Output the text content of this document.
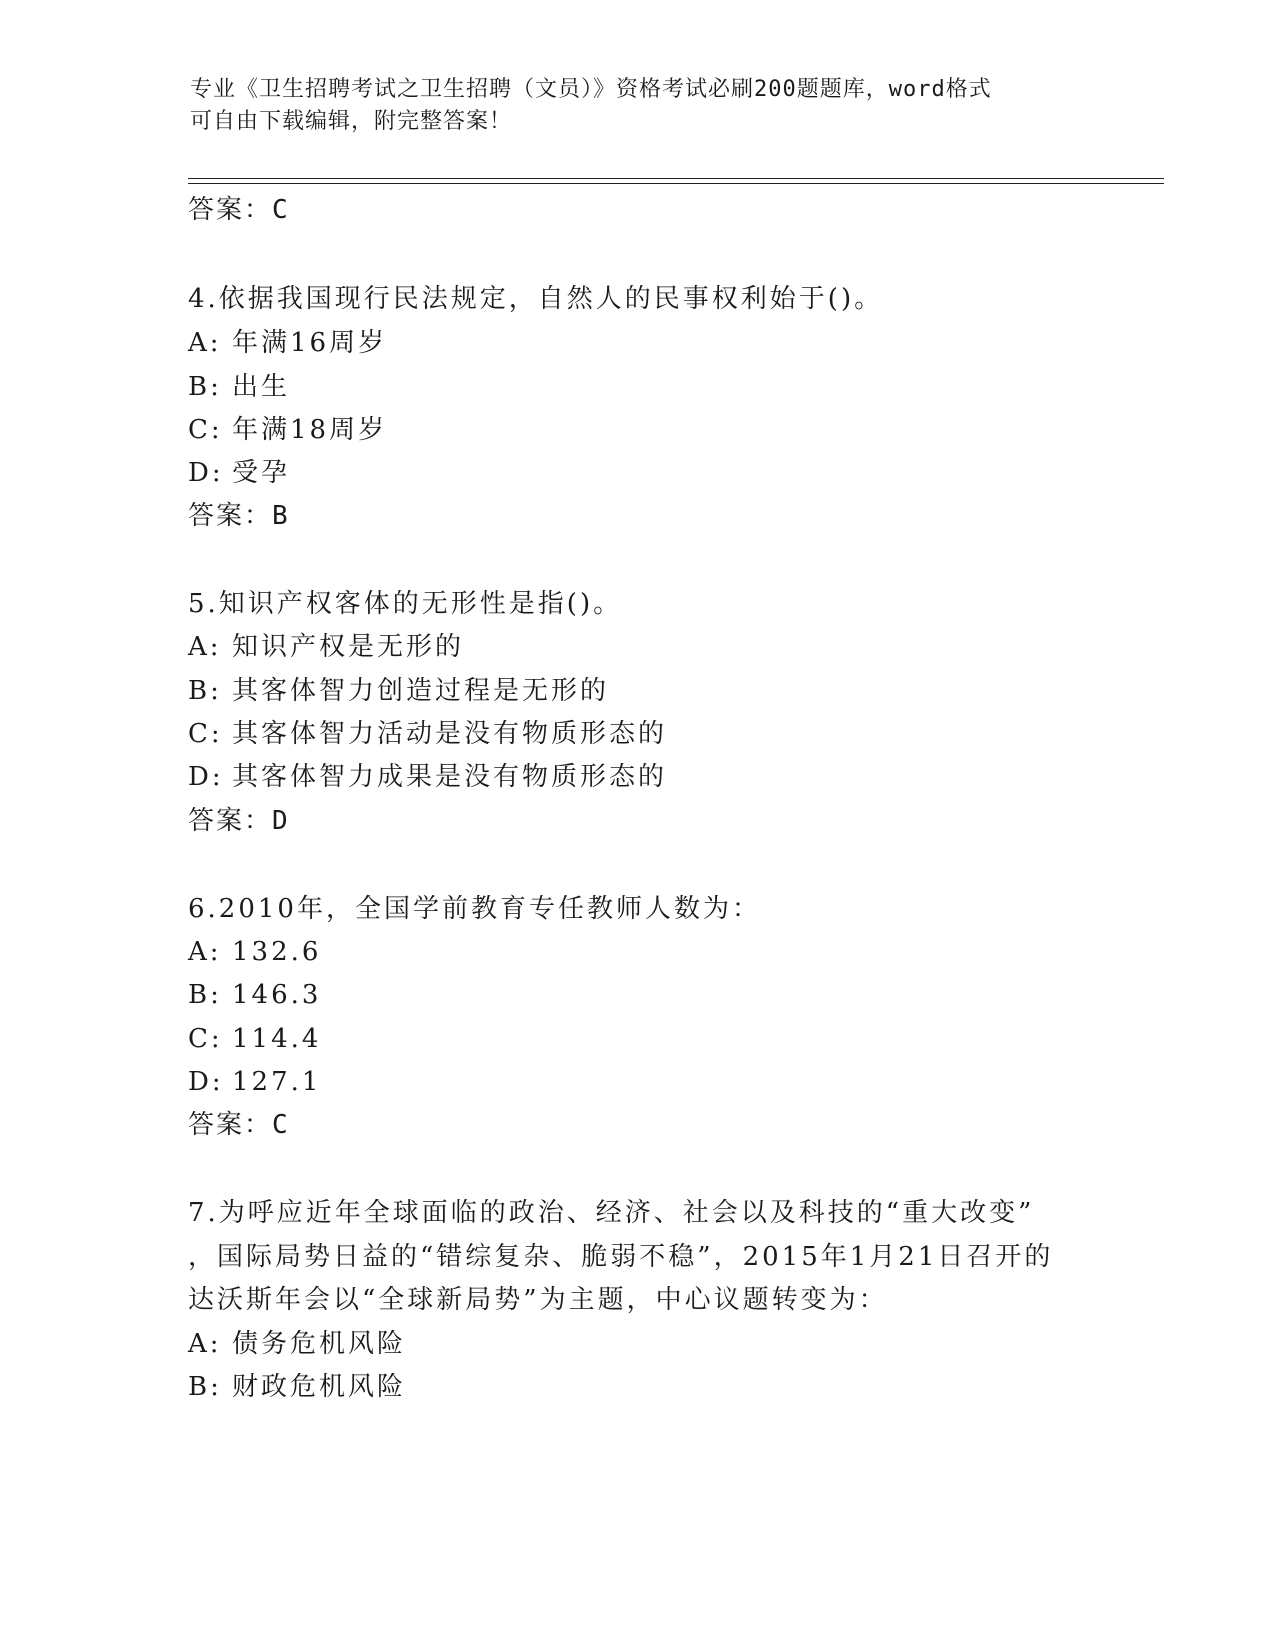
专业《卫生招聘考试之卫生招聘（文员）》资格考试必刷200题题库，word格式
可自由下载编辑，附完整答案！
答案：C
4.依据我国现行民法规定，自然人的民事权利始于()。
A: 年满16周岁
B: 出生
C: 年满18周岁
D: 受孕
答案：B
5.知识产权客体的无形性是指()。
A: 知识产权是无形的
B: 其客体智力创造过程是无形的
C: 其客体智力活动是没有物质形态的
D: 其客体智力成果是没有物质形态的
答案：D
6.2010年，全国学前教育专任教师人数为：
A: 132.6
B: 146.3
C: 114.4
D: 127.1
答案：C
7.为呼应近年全球面临的政治、经济、社会以及科技的“重大改变”
，国际局势日益的“错综复杂、脆弱不稳”，2015年1月21日召开的
达沃斯年会以“全球新局势”为主题，中心议题转变为：
A: 债务危机风险
B: 财政危机风险
